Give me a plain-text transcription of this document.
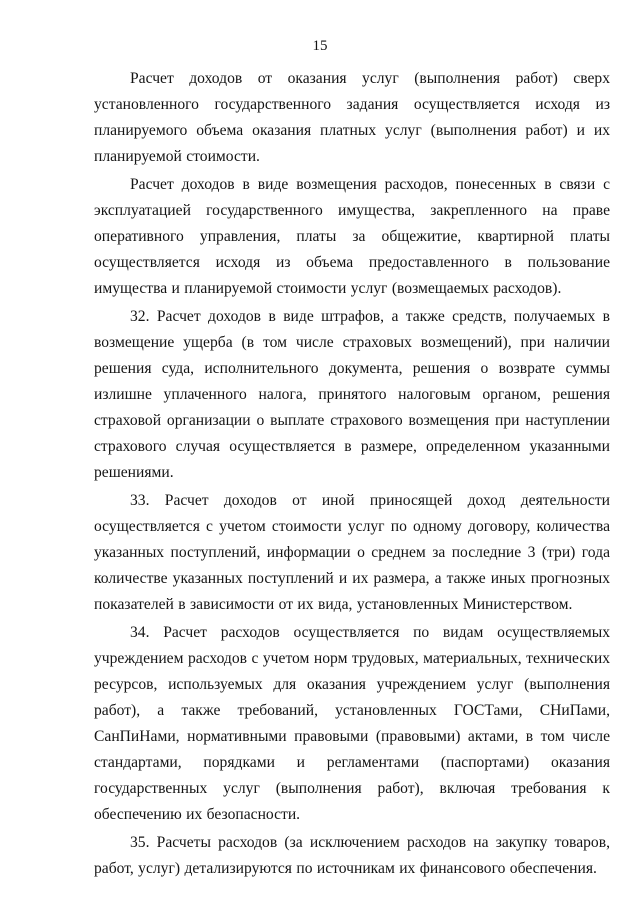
15

Расчет доходов от оказания услуг (выполнения работ) сверх установленного государственного задания осуществляется исходя из планируемого объема оказания платных услуг (выполнения работ) и их планируемой стоимости.

Расчет доходов в виде возмещения расходов, понесенных в связи с эксплуатацией государственного имущества, закрепленного на праве оперативного управления, платы за общежитие, квартирной платы осуществляется исходя из объема предоставленного в пользование имущества и планируемой стоимости услуг (возмещаемых расходов).

32. Расчет доходов в виде штрафов, а также средств, получаемых в возмещение ущерба (в том числе страховых возмещений), при наличии решения суда, исполнительного документа, решения о возврате суммы излишне уплаченного налога, принятого налоговым органом, решения страховой организации о выплате страхового возмещения при наступлении страхового случая осуществляется в размере, определенном указанными решениями.

33. Расчет доходов от иной приносящей доход деятельности осуществляется с учетом стоимости услуг по одному договору, количества указанных поступлений, информации о среднем за последние 3 (три) года количестве указанных поступлений и их размера, а также иных прогнозных показателей в зависимости от их вида, установленных Министерством.

34. Расчет расходов осуществляется по видам осуществляемых учреждением расходов с учетом норм трудовых, материальных, технических ресурсов, используемых для оказания учреждением услуг (выполнения работ), а также требований, установленных ГОСТами, СНиПами, СанПиНами, нормативными правовыми (правовыми) актами, в том числе стандартами, порядками и регламентами (паспортами) оказания государственных услуг (выполнения работ), включая требования к обеспечению их безопасности.

35. Расчеты расходов (за исключением расходов на закупку товаров, работ, услуг) детализируются по источникам их финансового обеспечения.
